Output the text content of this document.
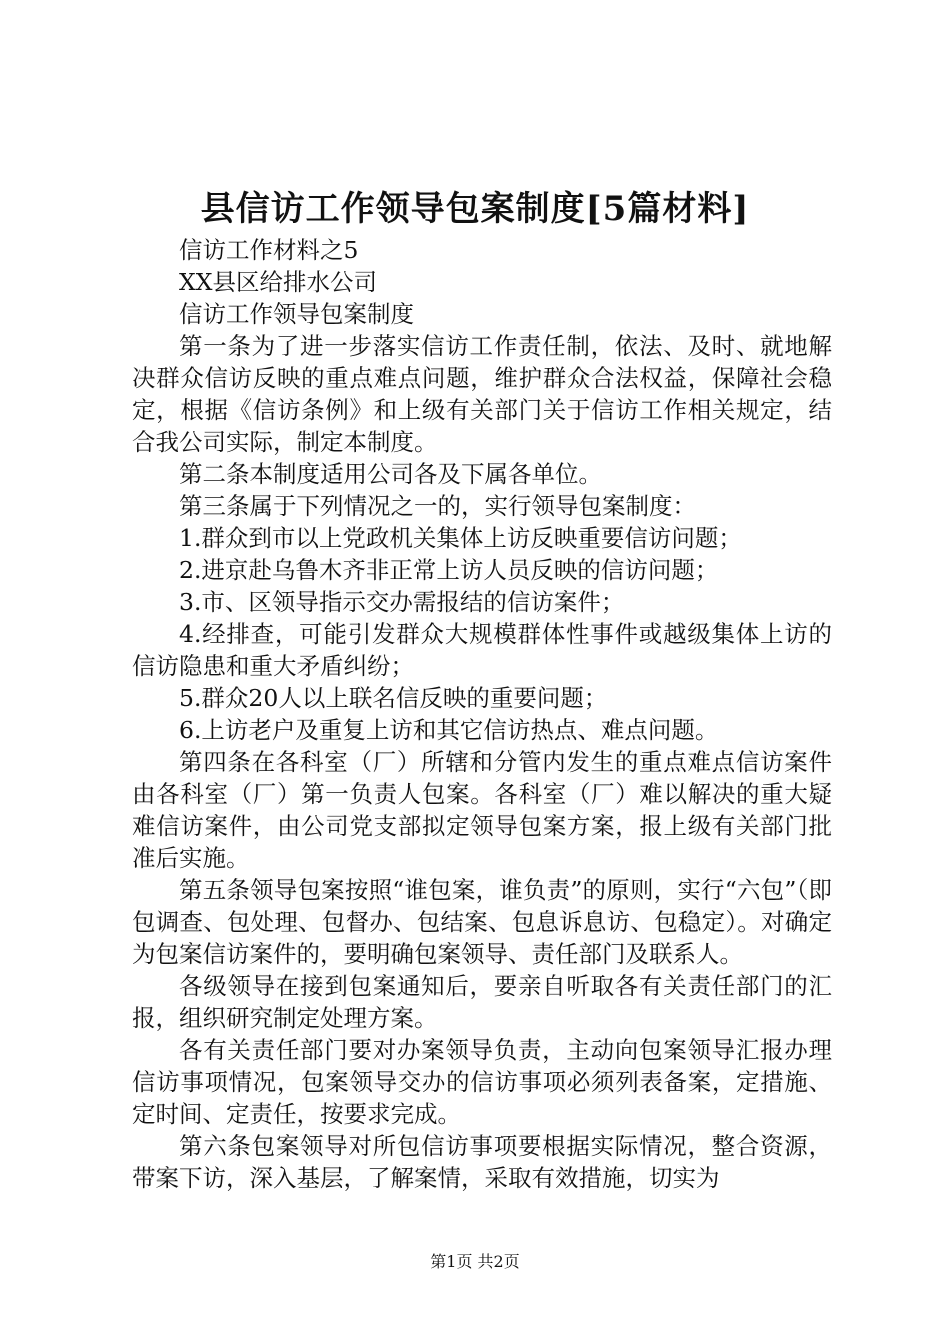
县信访工作领导包案制度[5篇材料]

信访工作材料之5

XX县区给排水公司

信访工作领导包案制度

第一条为了进一步落实信访工作责任制，依法、及时、就地解决群众信访反映的重点难点问题，维护群众合法权益，保障社会稳定，根据《信访条例》和上级有关部门关于信访工作相关规定，结合我公司实际，制定本制度。

第二条本制度适用公司各及下属各单位。

第三条属于下列情况之一的，实行领导包案制度：

1.群众到市以上党政机关集体上访反映重要信访问题；

2.进京赴乌鲁木齐非正常上访人员反映的信访问题；

3.市、区领导指示交办需报结的信访案件；

4.经排查，可能引发群众大规模群体性事件或越级集体上访的信访隐患和重大矛盾纠纷；

5.群众20人以上联名信反映的重要问题；

6.上访老户及重复上访和其它信访热点、难点问题。

第四条在各科室（厂）所辖和分管内发生的重点难点信访案件由各科室（厂）第一负责人包案。各科室（厂）难以解决的重大疑难信访案件，由公司党支部拟定领导包案方案，报上级有关部门批准后实施。

第五条领导包案按照“谁包案，谁负责”的原则，实行“六包”（即包调查、包处理、包督办、包结案、包息诉息访、包稳定）。对确定为包案信访案件的，要明确包案领导、责任部门及联系人。

各级领导在接到包案通知后，要亲自听取各有关责任部门的汇报，组织研究制定处理方案。

各有关责任部门要对办案领导负责，主动向包案领导汇报办理信访事项情况，包案领导交办的信访事项必须列表备案，定措施、定时间、定责任，按要求完成。

第六条包案领导对所包信访事项要根据实际情况，整合资源，带案下访，深入基层，了解案情，采取有效措施，切实为

第1页 共2页
